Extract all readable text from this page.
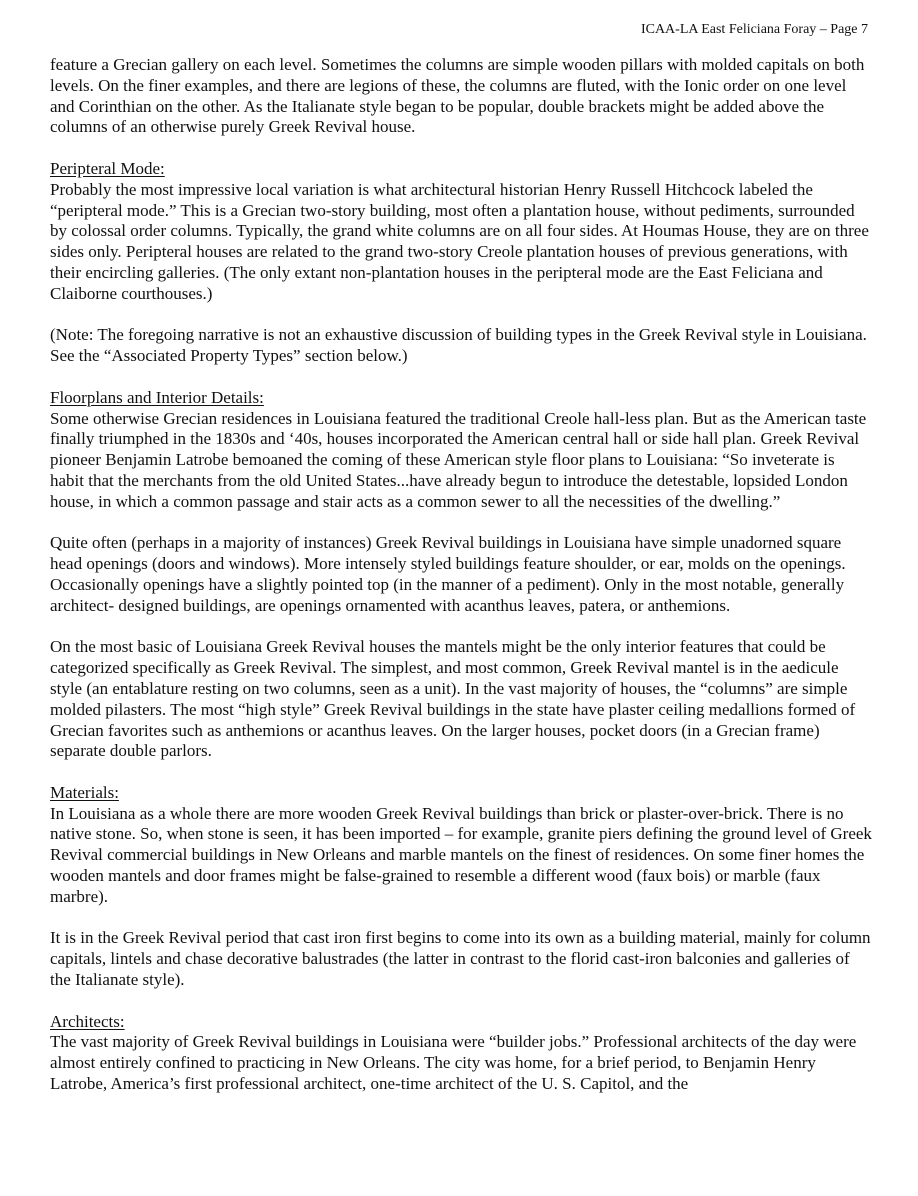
ICAA-LA East Feliciana Foray – Page 7

feature a Grecian gallery on each level. Sometimes the columns are simple wooden pillars with molded capitals on both levels. On the finer examples, and there are legions of these, the columns are fluted, with the Ionic order on one level and Corinthian on the other. As the Italianate style began to be popular, double brackets might be added above the columns of an otherwise purely Greek Revival house.

Peripteral Mode:

Probably the most impressive local variation is what architectural historian Henry Russell Hitchcock labeled the “peripteral mode.” This is a Grecian two-story building, most often a plantation house, without pediments, surrounded by colossal order columns. Typically, the grand white columns are on all four sides. At Houmas House, they are on three sides only. Peripteral houses are related to the grand two-story Creole plantation houses of previous generations, with their encircling galleries. (The only extant non-plantation houses in the peripteral mode are the East Feliciana and Claiborne courthouses.)

(Note: The foregoing narrative is not an exhaustive discussion of building types in the Greek Revival style in Louisiana. See the “Associated Property Types” section below.)

Floorplans and Interior Details:

Some otherwise Grecian residences in Louisiana featured the traditional Creole hall-less plan. But as the American taste finally triumphed in the 1830s and ‘40s, houses incorporated the American central hall or side hall plan. Greek Revival pioneer Benjamin Latrobe bemoaned the coming of these American style floor plans to Louisiana: “So inveterate is habit that the merchants from the old United States...have already begun to introduce the detestable, lopsided London house, in which a common passage and stair acts as a common sewer to all the necessities of the dwelling.”

Quite often (perhaps in a majority of instances) Greek Revival buildings in Louisiana have simple unadorned square head openings (doors and windows). More intensely styled buildings feature shoulder, or ear, molds on the openings. Occasionally openings have a slightly pointed top (in the manner of a pediment). Only in the most notable, generally architect- designed buildings, are openings ornamented with acanthus leaves, patera, or anthemions.

On the most basic of Louisiana Greek Revival houses the mantels might be the only interior features that could be categorized specifically as Greek Revival. The simplest, and most common, Greek Revival mantel is in the aedicule style (an entablature resting on two columns, seen as a unit). In the vast majority of houses, the “columns” are simple molded pilasters. The most “high style” Greek Revival buildings in the state have plaster ceiling medallions formed of Grecian favorites such as anthemions or acanthus leaves. On the larger houses, pocket doors (in a Grecian frame) separate double parlors.

Materials:

In Louisiana as a whole there are more wooden Greek Revival buildings than brick or plaster-over-brick. There is no native stone. So, when stone is seen, it has been imported – for example, granite piers defining the ground level of Greek Revival commercial buildings in New Orleans and marble mantels on the finest of residences. On some finer homes the wooden mantels and door frames might be false-grained to resemble a different wood (faux bois) or marble (faux marbre).

It is in the Greek Revival period that cast iron first begins to come into its own as a building material, mainly for column capitals, lintels and chase decorative balustrades (the latter in contrast to the florid cast-iron balconies and galleries of the Italianate style).

Architects:

The vast majority of Greek Revival buildings in Louisiana were “builder jobs.” Professional architects of the day were almost entirely confined to practicing in New Orleans. The city was home, for a brief period, to Benjamin Henry Latrobe, America’s first professional architect, one-time architect of the U. S. Capitol, and the
